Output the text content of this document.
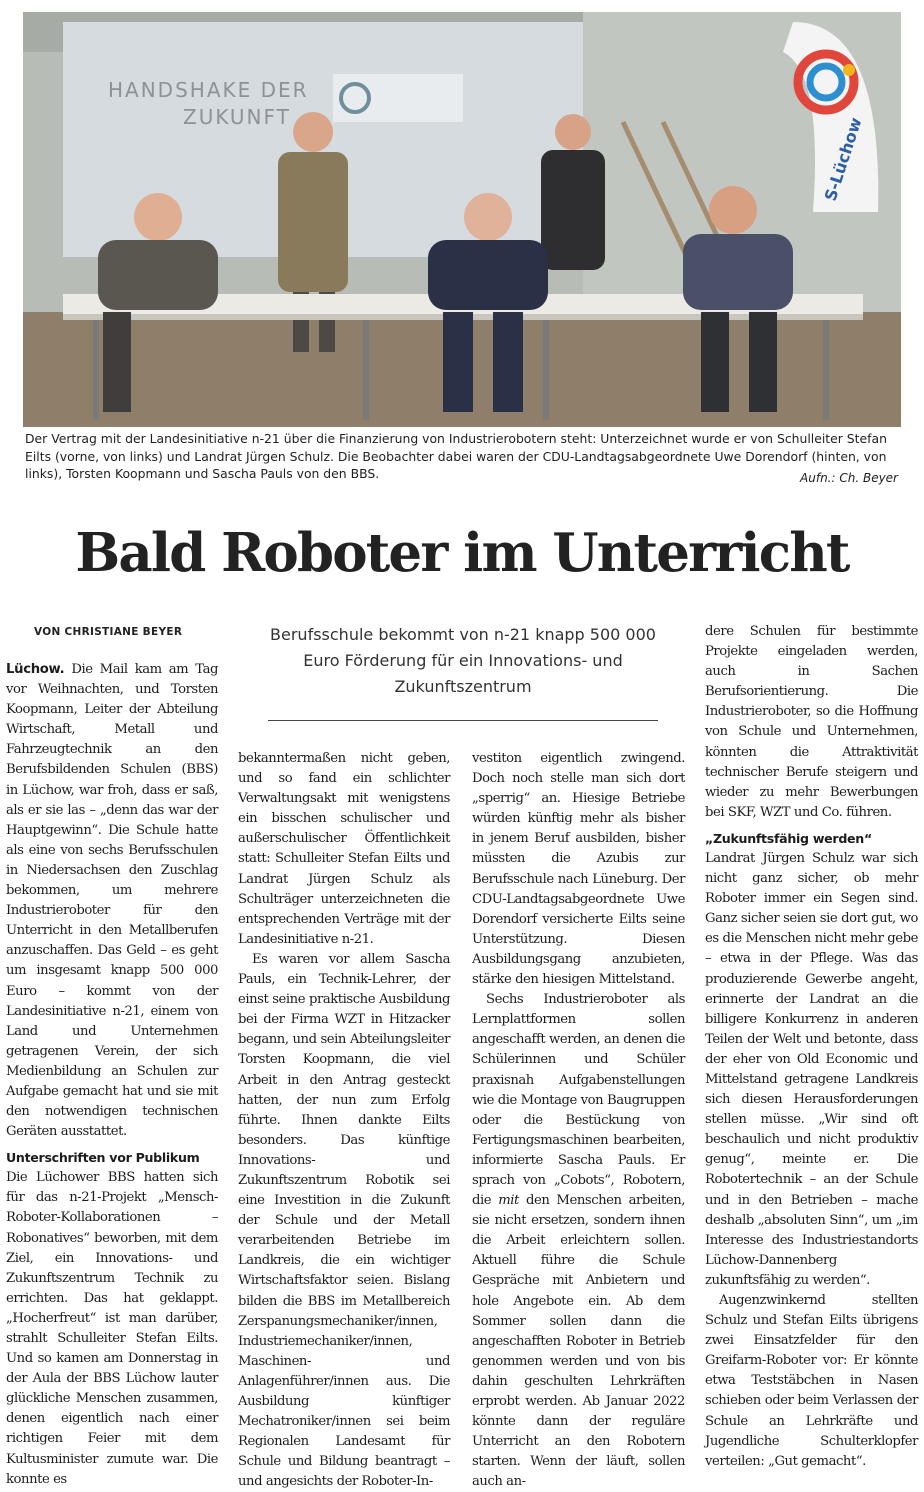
HANDSHAKE DER
ZUKUNFT	S-Lüchow
Der Vertrag mit der Landesinitiative n-21 über die Finanzierung von Industrierobotern steht: Unterzeichnet wurde er von Schulleiter Stefan Eilts (vorne, von links) und Landrat Jürgen Schulz. Die Beobachter dabei waren der CDU-Landtagsabgeordnete Uwe Dorendorf (hinten, von links), Torsten Koopmann und Sascha Pauls von den BBS.	Aufn.: Ch. Beyer
Bald Roboter im Unterricht
VON CHRISTIANE BEYER	Berufsschule bekommt von n-21 knapp 500 000 Euro Förderung für ein Innovations- und Zukunftszentrum

Lüchow. Die Mail kam am Tag vor Weihnachten, und Torsten Koopmann, Leiter der Abteilung Wirtschaft, Metall und Fahrzeugtechnik an den Berufsbildenden Schulen (BBS) in Lüchow, war froh, dass er saß, als er sie las – „denn das war der Hauptgewinn“. Die Schule hatte als eine von sechs Berufsschulen in Niedersachsen den Zuschlag bekommen, um mehrere Industrieroboter für den Unterricht in den Metallberufen anzuschaffen. Das Geld – es geht um insgesamt knapp 500 000 Euro – kommt von der Landesinitiative n-21, einem von Land und Unternehmen getragenen Verein, der sich Medienbildung an Schulen zur Aufgabe gemacht hat und sie mit den notwendigen technischen Geräten ausstattet.

Unterschriften vor Publikum

Die Lüchower BBS hatten sich für das n-21-Projekt „Mensch-Roboter-Kollaborationen – Robonatives“ beworben, mit dem Ziel, ein Innovations- und Zukunftszentrum Technik zu errichten. Das hat geklappt. „Hocherfreut“ ist man darüber, strahlt Schulleiter Stefan Eilts. Und so kamen am Donnerstag in der Aula der BBS Lüchow lauter glückliche Menschen zusammen, denen eigentlich nach einer richtigen Feier mit dem Kultusminister zumute war. Die konnte es

bekanntermaßen nicht geben, und so fand ein schlichter Verwaltungsakt mit wenigstens ein bisschen schulischer und außerschulischer Öffentlichkeit statt: Schulleiter Stefan Eilts und Landrat Jürgen Schulz als Schulträger unterzeichneten die entsprechenden Verträge mit der Landesinitiative n-21.

Es waren vor allem Sascha Pauls, ein Technik-Lehrer, der einst seine praktische Ausbildung bei der Firma WZT in Hitzacker begann, und sein Abteilungsleiter Torsten Koopmann, die viel Arbeit in den Antrag gesteckt hatten, der nun zum Erfolg führte. Ihnen dankte Eilts besonders. Das künftige Innovations- und Zukunftszentrum Robotik sei eine Investition in die Zukunft der Schule und der Metall verarbeitenden Betriebe im Landkreis, die ein wichtiger Wirtschaftsfaktor seien. Bislang bilden die BBS im Metallbereich Zerspanungsmechaniker/innen, Industriemechaniker/innen, Maschinen- und Anlagenführer/innen aus. Die Ausbildung künftiger Mechatroniker/innen sei beim Regionalen Landesamt für Schule und Bildung beantragt – und angesichts der Roboter-In-

vestiton eigentlich zwingend. Doch noch stelle man sich dort „sperrig“ an. Hiesige Betriebe würden künftig mehr als bisher in jenem Beruf ausbilden, bisher müssten die Azubis zur Berufsschule nach Lüneburg. Der CDU-Landtagsabgeordnete Uwe Dorendorf versicherte Eilts seine Unterstützung. Diesen Ausbildungsgang anzubieten, stärke den hiesigen Mittelstand.

Sechs Industrieroboter als Lernplattformen sollen angeschafft werden, an denen die Schülerinnen und Schüler praxisnah Aufgabenstellungen wie die Montage von Baugruppen oder die Bestückung von Fertigungsmaschinen bearbeiten, informierte Sascha Pauls. Er sprach von „Cobots“, Robotern, die mit den Menschen arbeiten, sie nicht ersetzen, sondern ihnen die Arbeit erleichtern sollen. Aktuell führe die Schule Gespräche mit Anbietern und hole Angebote ein. Ab dem Sommer sollen dann die angeschafften Roboter in Betrieb genommen werden und von bis dahin geschulten Lehrkräften erprobt werden. Ab Januar 2022 könnte dann der reguläre Unterricht an den Robotern starten. Wenn der läuft, sollen auch an-

dere Schulen für bestimmte Projekte eingeladen werden, auch in Sachen Berufsorientierung. Die Industrieroboter, so die Hoffnung von Schule und Unternehmen, könnten die Attraktivität technischer Berufe steigern und wieder zu mehr Bewerbungen bei SKF, WZT und Co. führen.

„Zukunftsfähig werden“

Landrat Jürgen Schulz war sich nicht ganz sicher, ob mehr Roboter immer ein Segen sind. Ganz sicher seien sie dort gut, wo es die Menschen nicht mehr gebe – etwa in der Pflege. Was das produzierende Gewerbe angeht, erinnerte der Landrat an die billigere Konkurrenz in anderen Teilen der Welt und betonte, dass der eher von Old Economic und Mittelstand getragene Landkreis sich diesen Herausforderungen stellen müsse. „Wir sind oft beschaulich und nicht produktiv genug“, meinte er. Die Robotertechnik – an der Schule und in den Betrieben – mache deshalb „absoluten Sinn“, um „im Interesse des Industriestandorts Lüchow-Dannenberg zukunftsfähig zu werden“.

Augenzwinkernd stellten Schulz und Stefan Eilts übrigens zwei Einsatzfelder für den Greifarm-Roboter vor: Er könnte etwa Teststäbchen in Nasen schieben oder beim Verlassen der Schule an Lehrkräfte und Jugendliche Schulterklopfer verteilen: „Gut gemacht“.
